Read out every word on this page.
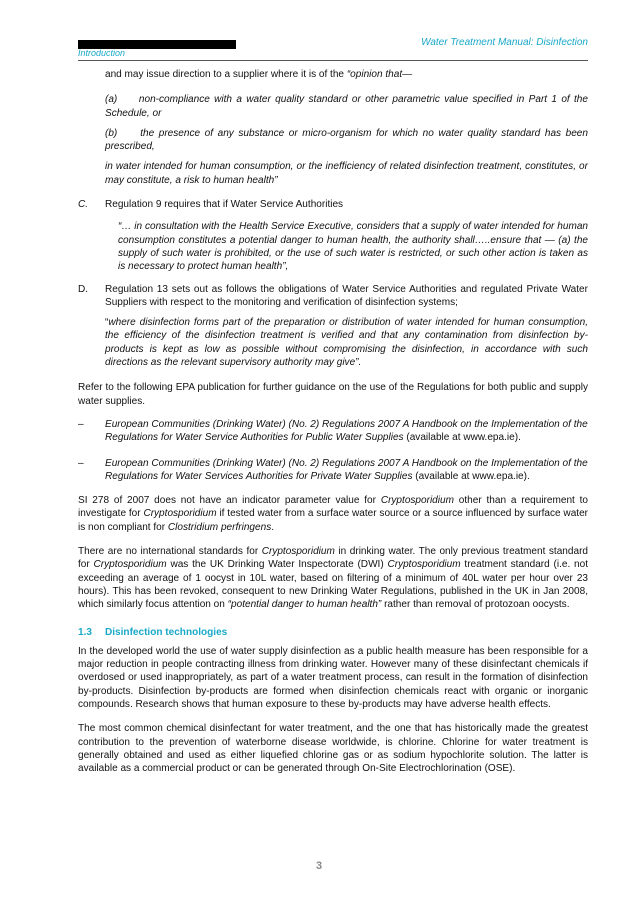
Introduction
Water Treatment Manual: Disinfection

and may issue direction to a supplier where it is of the “opinion that—

(a) non-compliance with a water quality standard or other parametric value specified in Part 1 of the Schedule, or

(b) the presence of any substance or micro-organism for which no water quality standard has been prescribed,

in water intended for human consumption, or the inefficiency of related disinfection treatment, constitutes, or may constitute, a risk to human health”

C.	Regulation 9 requires that if Water Service Authorities

“… in consultation with the Health Service Executive, considers that a supply of water intended for human consumption constitutes a potential danger to human health, the authority shall…..ensure that — (a) the supply of such water is prohibited, or the use of such water is restricted, or such other action is taken as is necessary to protect human health”,

D.	Regulation 13 sets out as follows the obligations of Water Service Authorities and regulated Private Water Suppliers with respect to the monitoring and verification of disinfection systems;

“where disinfection forms part of the preparation or distribution of water intended for human consumption, the efficiency of the disinfection treatment is verified and that any contamination from disinfection by-products is kept as low as possible without compromising the disinfection, in accordance with such directions as the relevant supervisory authority may give”.

Refer to the following EPA publication for further guidance on the use of the Regulations for both public and supply water supplies.

–	European Communities (Drinking Water) (No. 2) Regulations 2007 A Handbook on the Implementation of the Regulations for Water Service Authorities for Public Water Supplies (available at www.epa.ie).
–	European Communities (Drinking Water) (No. 2) Regulations 2007 A Handbook on the Implementation of the Regulations for Water Services Authorities for Private Water Supplies (available at www.epa.ie).

SI 278 of 2007 does not have an indicator parameter value for Cryptosporidium other than a requirement to investigate for Cryptosporidium if tested water from a surface water source or a source influenced by surface water is non compliant for Clostridium perfringens.

There are no international standards for Cryptosporidium in drinking water. The only previous treatment standard for Cryptosporidium was the UK Drinking Water Inspectorate (DWI) Cryptosporidium treatment standard (i.e. not exceeding an average of 1 oocyst in 10L water, based on filtering of a minimum of 40L water per hour over 23 hours). This has been revoked, consequent to new Drinking Water Regulations, published in the UK in Jan 2008, which similarly focus attention on “potential danger to human health” rather than removal of protozoan oocysts.

1.3 Disinfection technologies

In the developed world the use of water supply disinfection as a public health measure has been responsible for a major reduction in people contracting illness from drinking water. However many of these disinfectant chemicals if overdosed or used inappropriately, as part of a water treatment process, can result in the formation of disinfection by-products. Disinfection by-products are formed when disinfection chemicals react with organic or inorganic compounds. Research shows that human exposure to these by-products may have adverse health effects.

The most common chemical disinfectant for water treatment, and the one that has historically made the greatest contribution to the prevention of waterborne disease worldwide, is chlorine. Chlorine for water treatment is generally obtained and used as either liquefied chlorine gas or as sodium hypochlorite solution. The latter is available as a commercial product or can be generated through On-Site Electrochlorination (OSE).

3
